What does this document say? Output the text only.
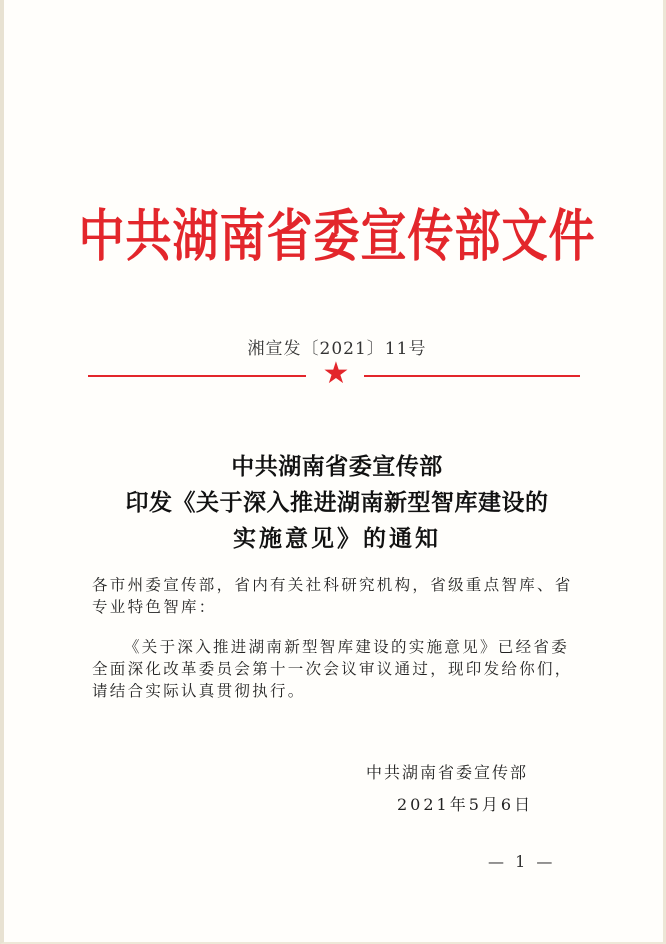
中共湖南省委宣传部文件
湘宣发〔2021〕11号
★
中共湖南省委宣传部
印发《关于深入推进湖南新型智库建设的
实施意见》的通知
各市州委宣传部，省内有关社科研究机构，省级重点智库、省专业特色智库：
《关于深入推进湖南新型智库建设的实施意见》已经省委全面深化改革委员会第十一次会议审议通过，现印发给你们，请结合实际认真贯彻执行。
中共湖南省委宣传部
2021年5月6日
— 1 —
